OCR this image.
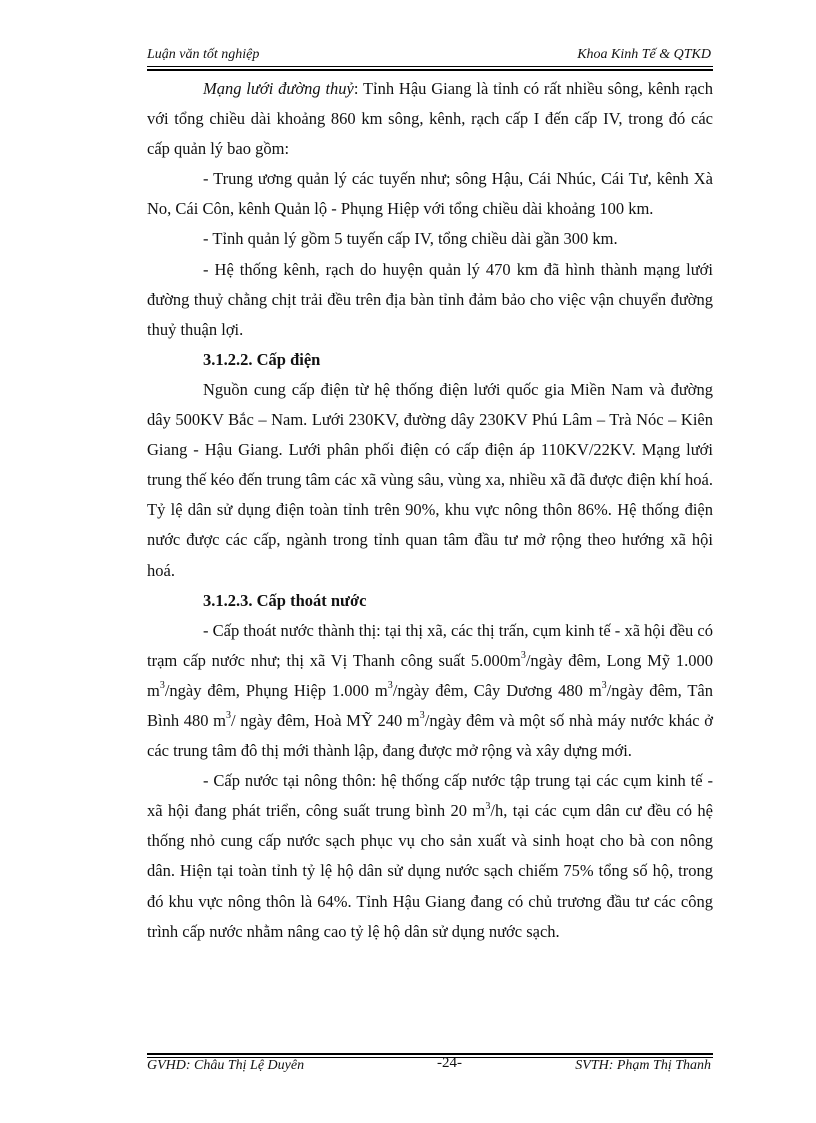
Luận văn tốt nghiệp	Khoa Kinh Tế & QTKD

Mạng lưới đường thuỷ: Tỉnh Hậu Giang là tỉnh có rất nhiều sông, kênh rạch với tổng chiều dài khoảng 860 km sông, kênh, rạch cấp I đến cấp IV, trong đó các cấp quản lý bao gồm:

- Trung ương quản lý các tuyến như; sông Hậu, Cái Nhúc, Cái Tư, kênh Xà No, Cái Côn, kênh Quản lộ - Phụng Hiệp với tổng chiều dài khoảng 100 km.

- Tỉnh quản lý gồm 5 tuyến cấp IV, tổng chiều dài gần 300 km.

- Hệ thống kênh, rạch do huyện quản lý 470 km đã hình thành mạng lưới đường thuỷ chằng chịt trải đều trên địa bàn tỉnh đảm bảo cho việc vận chuyển đường thuỷ thuận lợi.

3.1.2.2. Cấp điện

Nguồn cung cấp điện từ hệ thống điện lưới quốc gia Miền Nam và đường dây 500KV Bắc – Nam. Lưới 230KV, đường dây 230KV Phú Lâm – Trà Nóc – Kiên Giang - Hậu Giang. Lưới phân phối điện có cấp điện áp 110KV/22KV. Mạng lưới trung thế kéo đến trung tâm các xã vùng sâu, vùng xa, nhiều xã đã được điện khí hoá. Tỷ lệ dân sử dụng điện toàn tỉnh trên 90%, khu vực nông thôn 86%. Hệ thống điện nước được các cấp, ngành trong tỉnh quan tâm đầu tư mở rộng theo hướng xã hội hoá.

3.1.2.3. Cấp thoát nước

- Cấp thoát nước thành thị: tại thị xã, các thị trấn, cụm kinh tế - xã hội đều có trạm cấp nước như; thị xã Vị Thanh công suất $5.000m^3$/ngày đêm, Long Mỹ 1.000 $m^3$/ngày đêm, Phụng Hiệp 1.000 $m^3$/ngày đêm, Cây Dương 480 $m^3$/ngày đêm, Tân Bình 480 $m^3/$ ngày đêm, Hoà MỸ 240 $m^3$/ngày đêm và một số nhà máy nước khác ở các trung tâm đô thị mới thành lập, đang được mở rộng và xây dựng mới.

- Cấp nước tại nông thôn: hệ thống cấp nước tập trung tại các cụm kinh tế - xã hội đang phát triển, công suất trung bình 20 $m^3/h$, tại các cụm dân cư đều có hệ thống nhỏ cung cấp nước sạch phục vụ cho sản xuất và sinh hoạt cho bà con nông dân. Hiện tại toàn tỉnh tỷ lệ hộ dân sử dụng nước sạch chiếm 75% tổng số hộ, trong đó khu vực nông thôn là 64%. Tỉnh Hậu Giang đang có chủ trương đầu tư các công trình cấp nước nhằm nâng cao tỷ lệ hộ dân sử dụng nước sạch.

GVHD: Châu Thị Lệ Duyên	-24-	SVTH: Phạm Thị Thanh
